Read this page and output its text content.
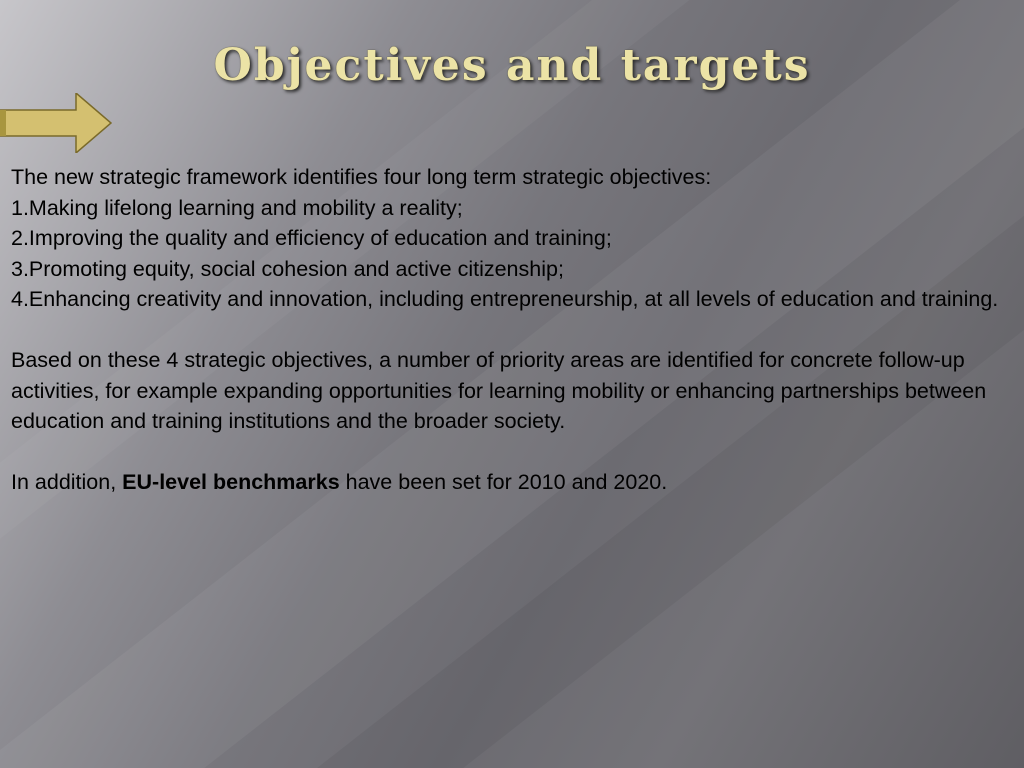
Objectives and targets

The new strategic framework identifies four long term strategic objectives:

1.Making lifelong learning and mobility a reality;

2.Improving the quality and efficiency of education and training;

3.Promoting equity, social cohesion and active citizenship;

4.Enhancing creativity and innovation, including entrepreneurship, at all levels of education and training.

Based on these 4 strategic objectives, a number of priority areas are identified for concrete follow-up activities, for example expanding opportunities for learning mobility or enhancing partnerships between education and training institutions and the broader society.

In addition, EU-level benchmarks have been set for 2010 and 2020.
